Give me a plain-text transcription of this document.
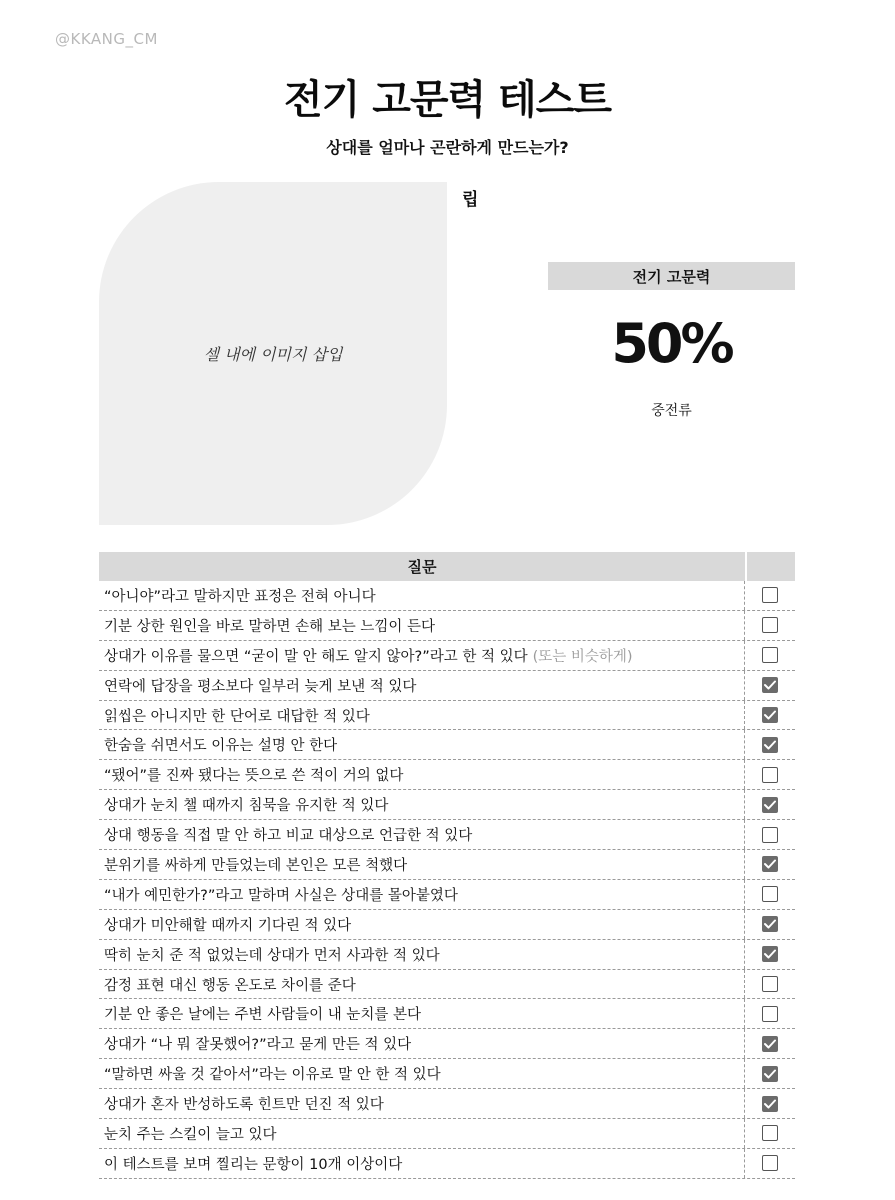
@KKANG_CM
전기 고문력 테스트
상대를 얼마나 곤란하게 만드는가?
셀 내에 이미지 삽입
립
전기 고문력
50%
중전류
질문
“아니야”라고 말하지만 표정은 전혀 아니다
기분 상한 원인을 바로 말하면 손해 보는 느낌이 든다
상대가 이유를 물으면 “굳이 말 안 해도 알지 않아?”라고 한 적 있다 (또는 비슷하게)
연락에 답장을 평소보다 일부러 늦게 보낸 적 있다
읽씹은 아니지만 한 단어로 대답한 적 있다
한숨을 쉬면서도 이유는 설명 안 한다
“됐어”를 진짜 됐다는 뜻으로 쓴 적이 거의 없다
상대가 눈치 챌 때까지 침묵을 유지한 적 있다
상대 행동을 직접 말 안 하고 비교 대상으로 언급한 적 있다
분위기를 싸하게 만들었는데 본인은 모른 척했다
“내가 예민한가?”라고 말하며 사실은 상대를 몰아붙였다
상대가 미안해할 때까지 기다린 적 있다
딱히 눈치 준 적 없었는데 상대가 먼저 사과한 적 있다
감정 표현 대신 행동 온도로 차이를 준다
기분 안 좋은 날에는 주변 사람들이 내 눈치를 본다
상대가 “나 뭐 잘못했어?”라고 묻게 만든 적 있다
“말하면 싸울 것 같아서”라는 이유로 말 안 한 적 있다
상대가 혼자 반성하도록 힌트만 던진 적 있다
눈치 주는 스킬이 늘고 있다
이 테스트를 보며 찔리는 문항이 10개 이상이다
